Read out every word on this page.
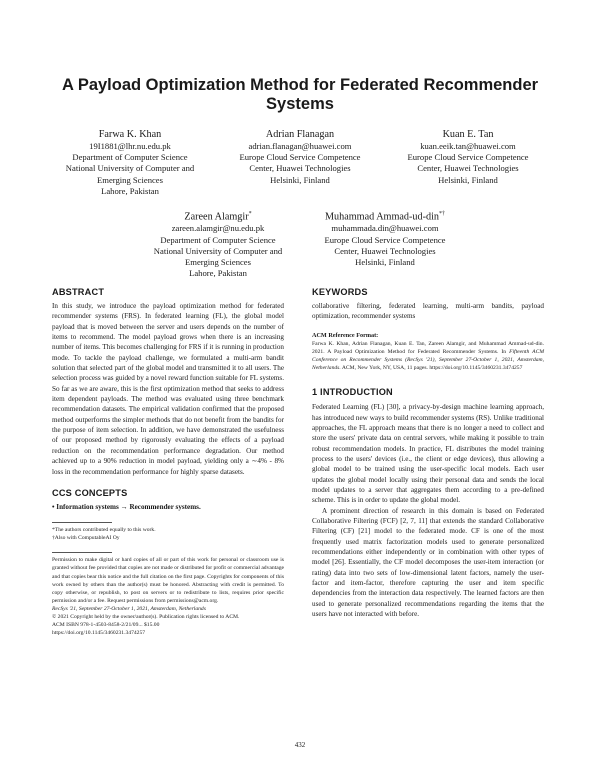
A Payload Optimization Method for Federated Recommender Systems
Farwa K. Khan
19I1881@lhr.nu.edu.pk
Department of Computer Science
National University of Computer and Emerging Sciences
Lahore, Pakistan
Adrian Flanagan
adrian.flanagan@huawei.com
Europe Cloud Service Competence
Center, Huawei Technologies
Helsinki, Finland
Kuan E. Tan
kuan.eeik.tan@huawei.com
Europe Cloud Service Competence
Center, Huawei Technologies
Helsinki, Finland
Zareen Alamgir*
zareen.alamgir@nu.edu.pk
Department of Computer Science
National University of Computer and Emerging Sciences
Lahore, Pakistan
Muhammad Ammad-ud-din*†
muhammada.din@huawei.com
Europe Cloud Service Competence
Center, Huawei Technologies
Helsinki, Finland
ABSTRACT

In this study, we introduce the payload optimization method for federated recommender systems (FRS). In federated learning (FL), the global model payload that is moved between the server and users depends on the number of items to recommend. The model payload grows when there is an increasing number of items. This becomes challenging for FRS if it is running in production mode. To tackle the payload challenge, we formulated a multi-arm bandit solution that selected part of the global model and transmitted it to all users. The selection process was guided by a novel reward function suitable for FL systems. So far as we are aware, this is the first optimization method that seeks to address item dependent payloads. The method was evaluated using three benchmark recommendation datasets. The empirical validation confirmed that the proposed method outperforms the simpler methods that do not benefit from the bandits for the purpose of item selection. In addition, we have demonstrated the usefulness of our proposed method by rigorously evaluating the effects of a payload reduction on the recommendation performance degradation. Our method achieved up to a 90% reduction in model payload, yielding only a ∼4% - 8% loss in the recommendation performance for highly sparse datasets.

CCS CONCEPTS

• Information systems → Recommender systems.

*The authors contributed equally to this work.

†Also with ComputableAI Oy

Permission to make digital or hard copies of all or part of this work for personal or classroom use is granted without fee provided that copies are not made or distributed for profit or commercial advantage and that copies bear this notice and the full citation on the first page. Copyrights for components of this work owned by others than the author(s) must be honored. Abstracting with credit is permitted. To copy otherwise, or republish, to post on servers or to redistribute to lists, requires prior specific permission and/or a fee. Request permissions from permissions@acm.org.

RecSys '21, September 27-October 1, 2021, Amsterdam, Netherlands

© 2021 Copyright held by the owner/author(s). Publication rights licensed to ACM.

ACM ISBN 978-1-4503-8458-2/21/09... $15.00

https://doi.org/10.1145/3460231.3474257

KEYWORDS

collaborative filtering, federated learning, multi-arm bandits, payload optimization, recommender systems

ACM Reference Format:

Farwa K. Khan, Adrian Flanagan, Kuan E. Tan, Zareen Alamgir, and Muhammad Ammad-ud-din. 2021. A Payload Optimization Method for Federated Recommender Systems. In Fifteenth ACM Conference on Recommender Systems (RecSys '21), September 27-October 1, 2021, Amsterdam, Netherlands. ACM, New York, NY, USA, 11 pages. https://doi.org/10.1145/3460231.3474257

1 INTRODUCTION

Federated Learning (FL) [30], a privacy-by-design machine learning approach, has introduced new ways to build recommender systems (RS). Unlike traditional approaches, the FL approach means that there is no longer a need to collect and store the users' private data on central servers, while making it possible to train robust recommendation models. In practice, FL distributes the model training process to the users' devices (i.e., the client or edge devices), thus allowing a global model to be trained using the user-specific local models. Each user updates the global model locally using their personal data and sends the local model updates to a server that aggregates them according to a pre-defined scheme. This is in order to update the global model.

A prominent direction of research in this domain is based on Federated Collaborative Filtering (FCF) [2, 7, 11] that extends the standard Collaborative Filtering (CF) [21] model to the federated mode. CF is one of the most frequently used matrix factorization models used to generate personalized recommendations either independently or in combination with other types of model [26]. Essentially, the CF model decomposes the user-item interaction (or rating) data into two sets of low-dimensional latent factors, namely the user-factor and item-factor, therefore capturing the user and item specific dependencies from the interaction data respectively. The learned factors are then used to generate personalized recommendations regarding the items that the users have not interacted with before.

432
